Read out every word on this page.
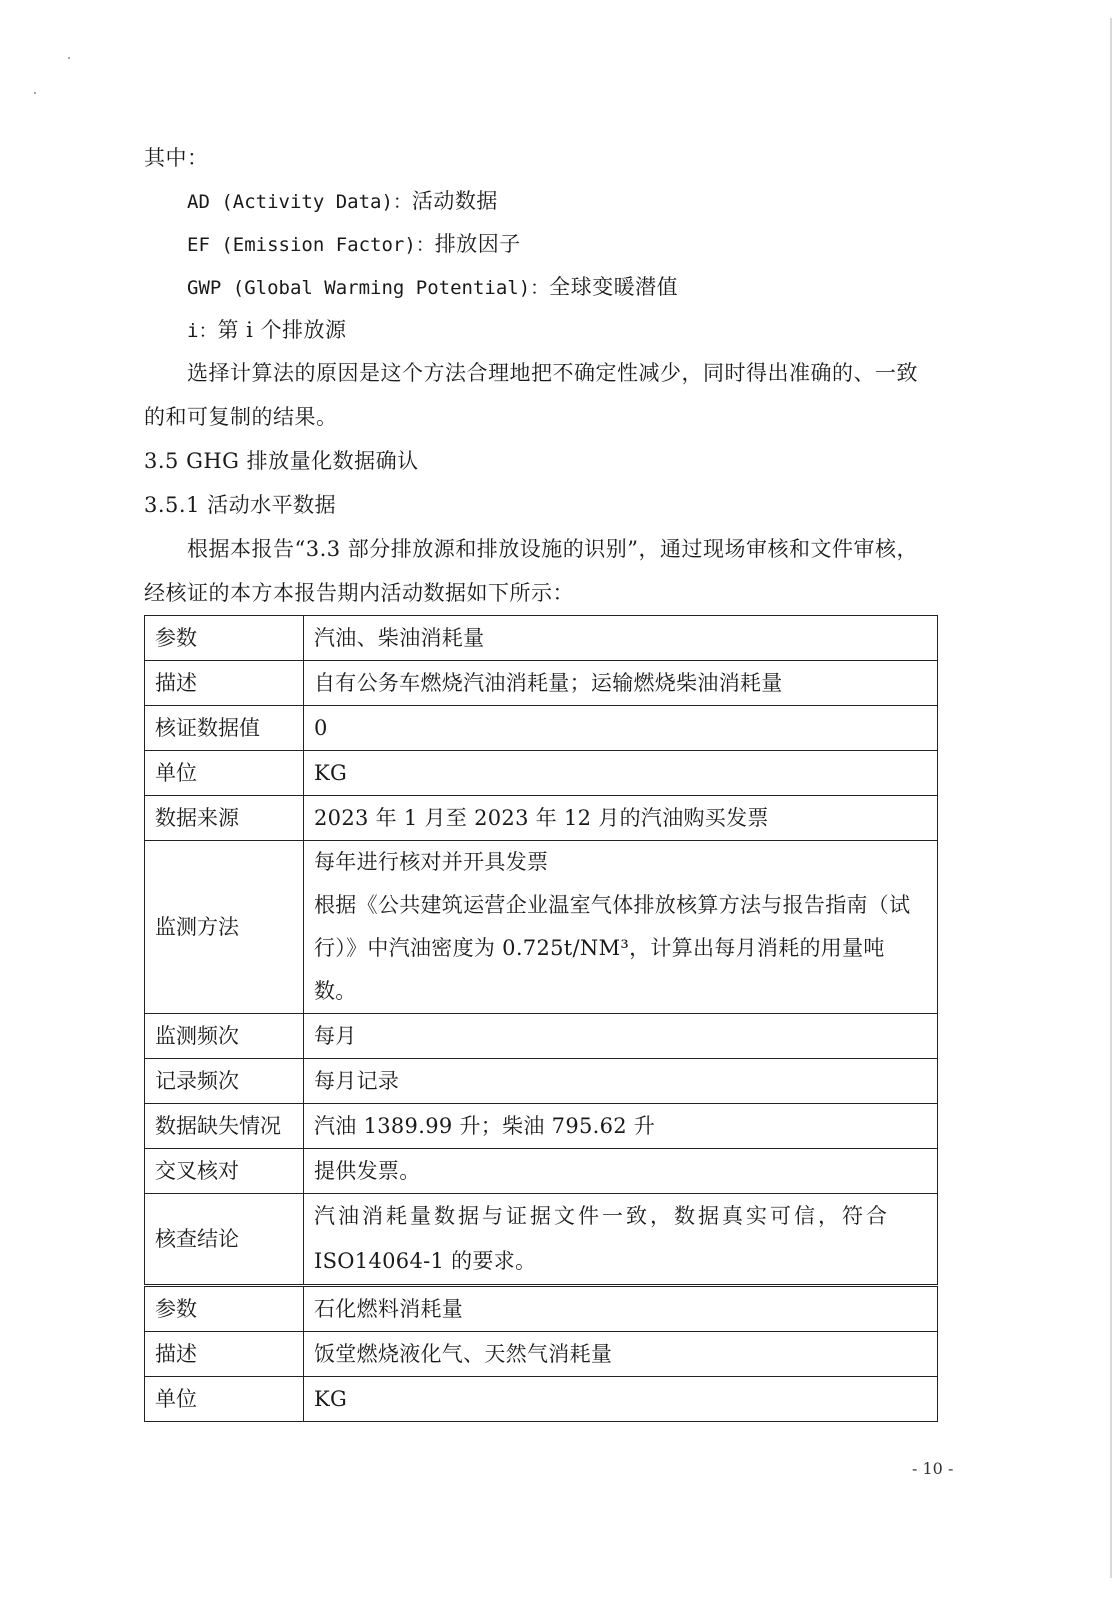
其中：
AD (Activity Data)：活动数据
EF (Emission Factor)：排放因子
GWP (Global Warming Potential)：全球变暖潜值
i：第 i 个排放源
选择计算法的原因是这个方法合理地把不确定性减少，同时得出准确的、一致
的和可复制的结果。
3.5 GHG 排放量化数据确认
3.5.1 活动水平数据
根据本报告“3.3 部分排放源和排放设施的识别”，通过现场审核和文件审核，
经核证的本方本报告期内活动数据如下所示：
参数	汽油、柴油消耗量
描述	自有公务车燃烧汽油消耗量；运输燃烧柴油消耗量
核证数据值	0
单位	KG
数据来源	2023 年 1 月至 2023 年 12 月的汽油购买发票
监测方法	每年进行核对并开具发票
根据《公共建筑运营企业温室气体排放核算方法与报告指南（试
行）》中汽油密度为 0.725t/NM³，计算出每月消耗的用量吨数。

监测频次	每月
记录频次	每月记录
数据缺失情况	汽油 1389.99 升；柴油 795.62 升
交叉核对	提供发票。
核查结论	汽油消耗量数据与证据文件一致，数据真实可信，符合
ISO14064-1 的要求。
参数	石化燃料消耗量
描述	饭堂燃烧液化气、天然气消耗量
单位	KG
- 10 -
